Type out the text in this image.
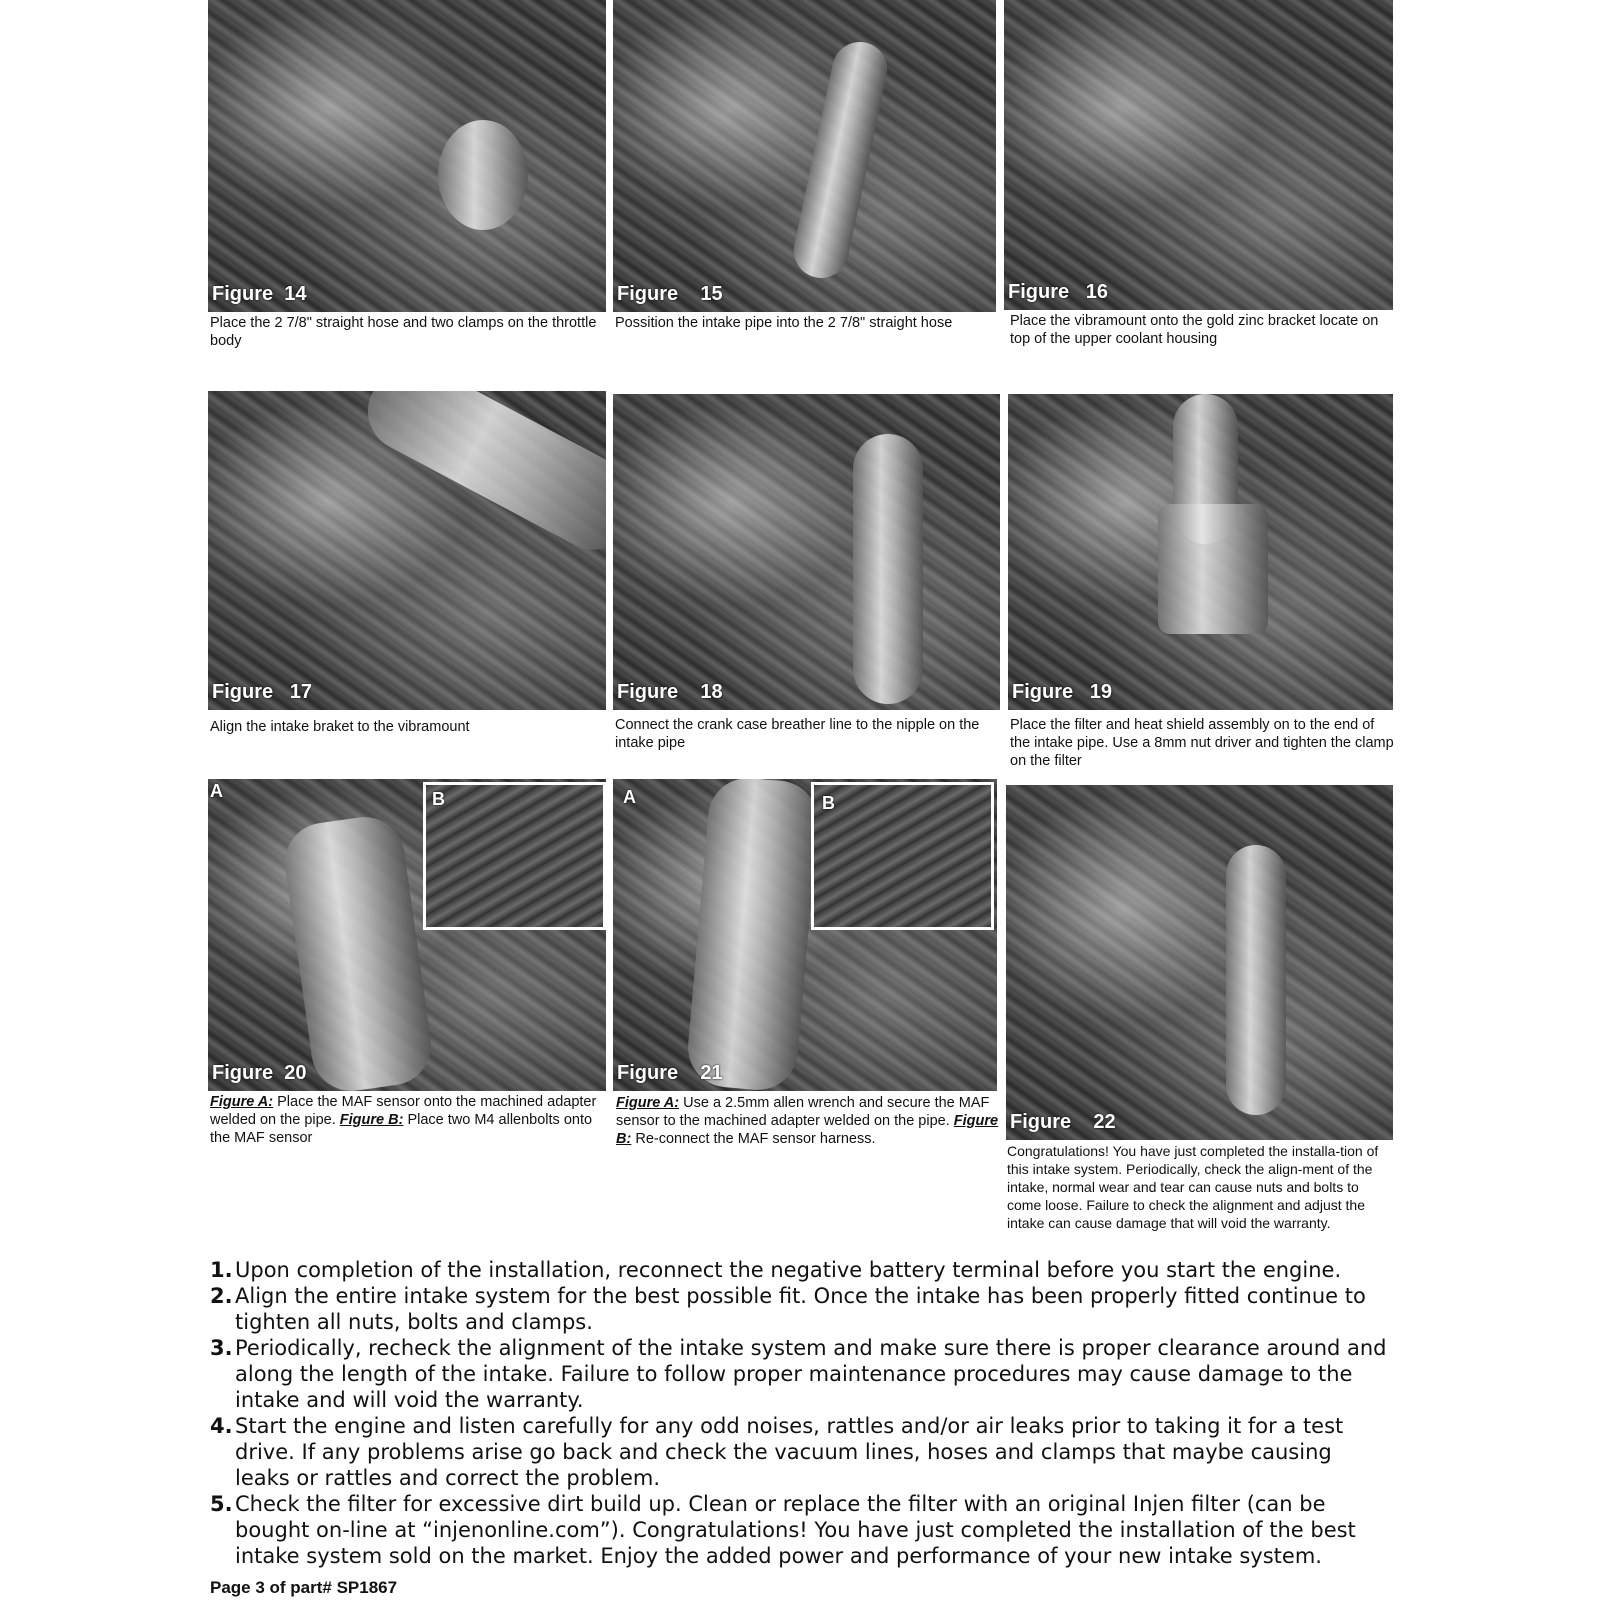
Figure  14
Place the 2 7/8" straight hose and two clamps on the throttle body
Figure    15
Possition the intake pipe into the 2 7/8" straight hose
Figure   16
Place the vibramount onto the gold zinc bracket locate on top of the upper coolant housing
Figure   17
Align the intake braket to the vibramount
Figure    18
Connect the crank case breather line to the nipple on the intake pipe
Figure   19
Place the filter and heat shield assembly on to the end of the intake pipe. Use a 8mm nut driver and tighten the clamp on the filter
A	B
Figure  20
Figure A: Place the MAF sensor onto the machined adapter welded on the pipe. Figure B: Place two M4 allenbolts onto the MAF sensor
A	B
Figure    21
Figure A: Use a 2.5mm allen wrench and secure the MAF sensor to the machined adapter welded on the pipe. Figure B: Re-connect the MAF sensor harness.
Figure    22
Congratulations! You have just completed the installa-tion of this intake system. Periodically, check the align-ment of the intake, normal wear and tear can cause nuts and bolts to come loose. Failure to check the alignment and adjust the intake can cause damage that will void the warranty.

1. Upon completion of the installation, reconnect the negative battery terminal before you start the engine.

2. Align the entire intake system for the best possible fit. Once the intake has been properly fitted continue to tighten all nuts, bolts and clamps.

3. Periodically, recheck the alignment of the intake system and make sure there is proper clearance around and along the length of the intake. Failure to follow proper maintenance procedures may cause damage to the intake and will void the warranty.

4. Start the engine and listen carefully for any odd noises, rattles and/or air leaks prior to taking it for a test drive. If any problems arise go back and check the vacuum lines, hoses and clamps that maybe causing leaks or rattles and correct the problem.

5. Check the filter for excessive dirt build up. Clean or replace the filter with an original Injen filter (can be bought on-line at “injenonline.com”). Congratulations! You have just completed the installation of the best intake system sold on the market. Enjoy the added power and performance of your new intake system.

Page 3 of part# SP1867
